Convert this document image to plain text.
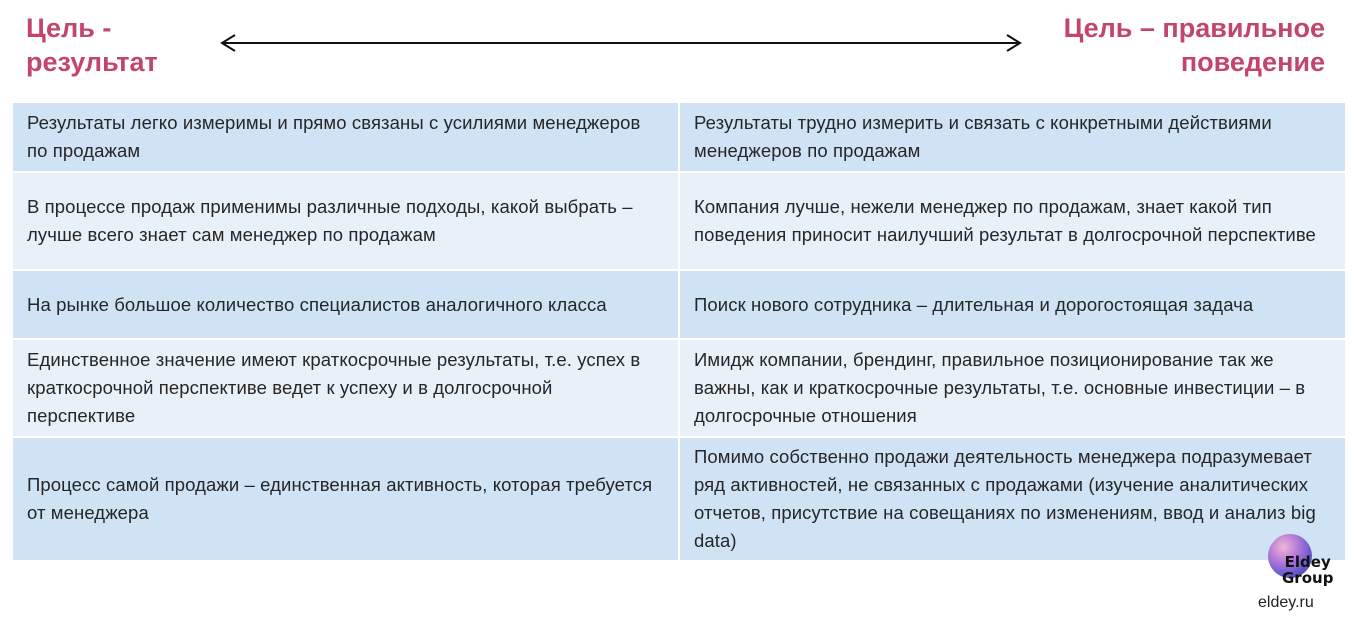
Цель -
результат
Цель – правильное
поведение
Результаты легко измеримы и прямо связаны с усилиями менеджеров по продажам
Результаты трудно измерить и связать с конкретными действиями менеджеров по продажам
В процессе продаж применимы различные подходы, какой выбрать – лучше всего знает сам менеджер по продажам
Компания лучше, нежели менеджер по продажам, знает какой тип поведения приносит наилучший результат в долгосрочной перспективе
На рынке большое количество специалистов аналогичного класса	Поиск нового сотрудника – длительная и дорогостоящая задача
Единственное значение имеют краткосрочные результаты, т.е. успех в краткосрочной перспективе ведет к успеху и в долгосрочной перспективе
Имидж компании, брендинг, правильное позиционирование так же важны, как и краткосрочные результаты, т.е. основные инвестиции – в долгосрочные отношения
Процесс самой продажи – единственная активность, которая требуется от менеджера
Помимо собственно продажи деятельность менеджера подразумевает ряд активностей, не связанных с продажами (изучение аналитических отчетов, присутствие на совещаниях по изменениям, ввод и анализ big data)
Eldey
Group
eldey.ru
